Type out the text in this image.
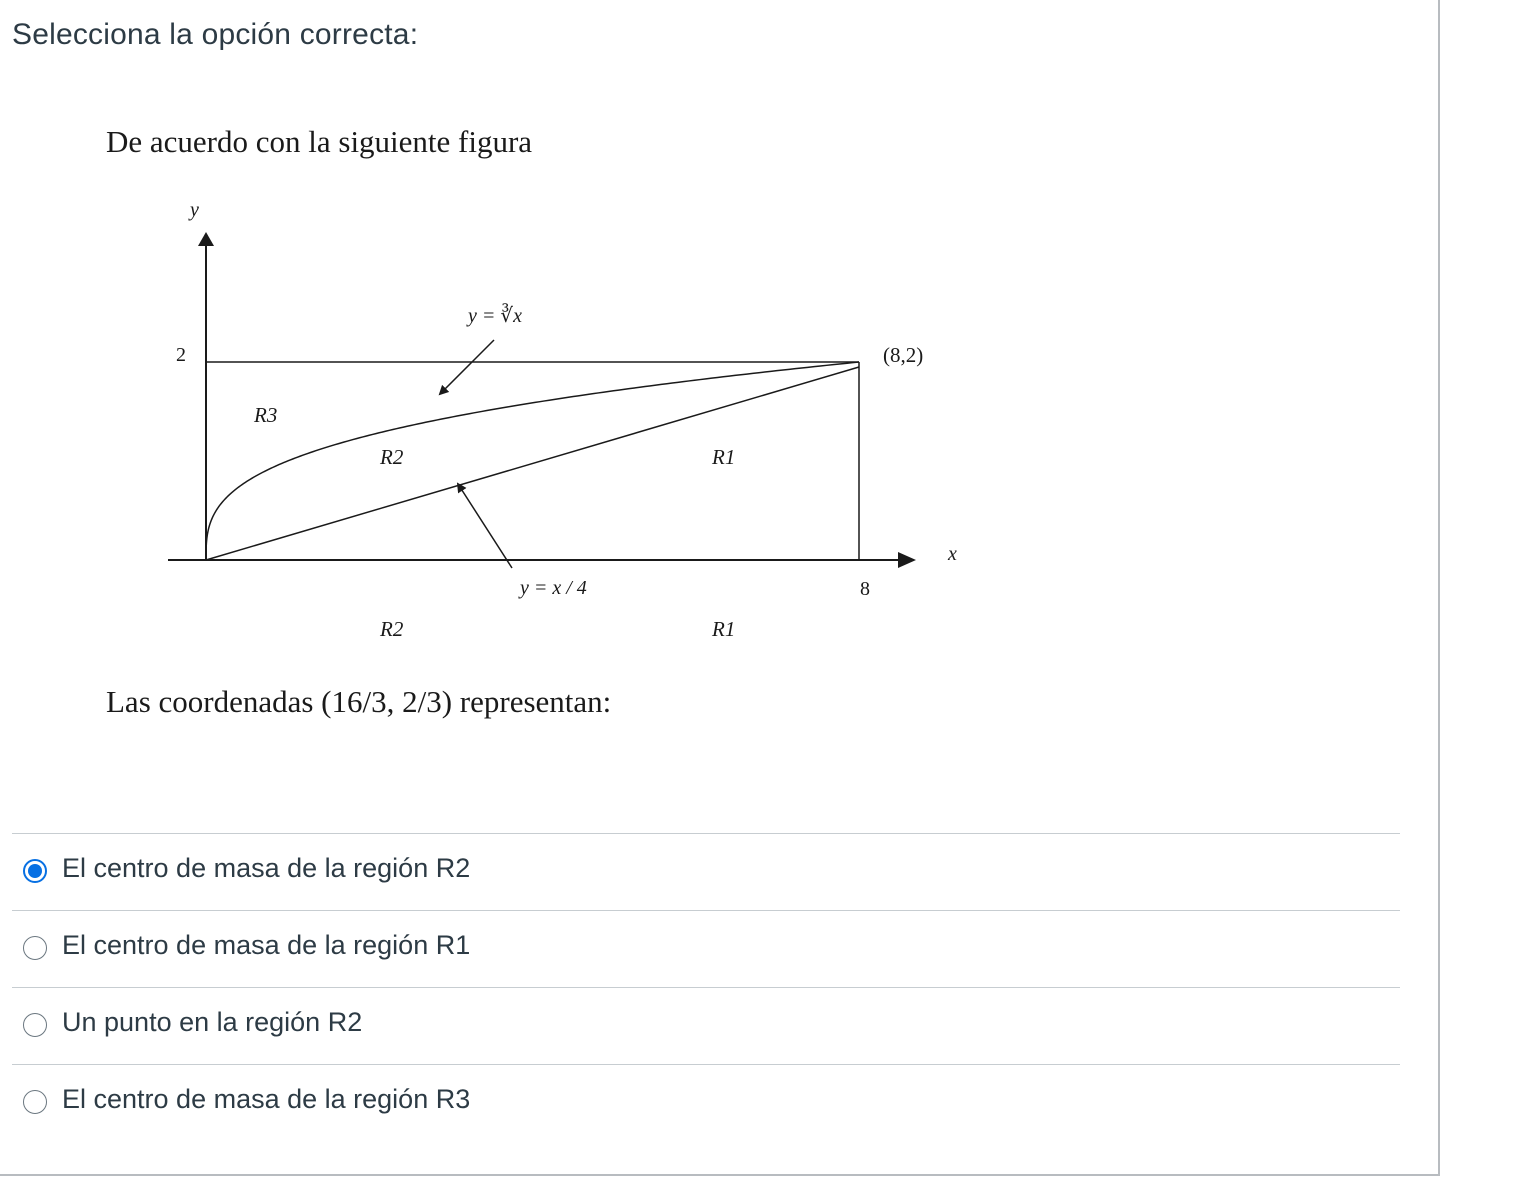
Selecciona la opción correcta:
De acuerdo con la siguiente figura
y
x
2
8
(8,2)
y = ∛x
y = x / 4
R3
R2	R1
R2	R1
Las coordenadas (16/3, 2/3) representan:
El centro de masa de la región R2
El centro de masa de la región R1
Un punto en la región R2
El centro de masa de la región R3
